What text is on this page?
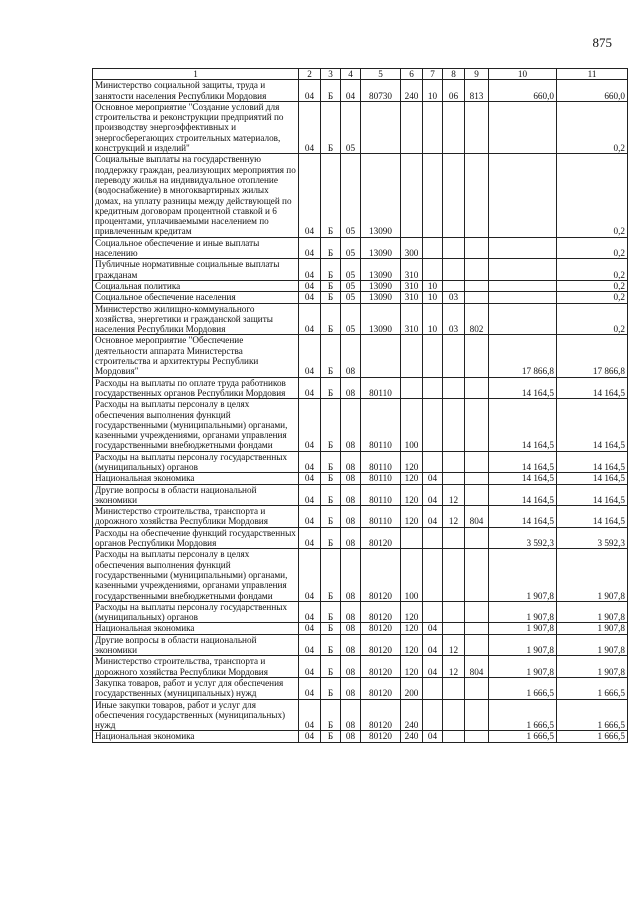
875
1	2	3	4	5	6	7	8	9	10	11
Министерство социальной защиты, труда и занятости населения Республики Мордовия	04	Б	04	80730	240	10	06	813	660,0	660,0
Основное мероприятие "Создание условий для строительства и реконструкции предприятий по производству энергоэффективных и энергосберегающих строительных материалов, конструкций и изделий"	04	Б	05							0,2
Социальные выплаты на государственную поддержку граждан, реализующих мероприятия по переводу жилья на индивидуальное отопление (водоснабжение) в многоквартирных жилых домах, на уплату разницы между действующей по кредитным договорам процентной ставкой и 6 процентами, уплачиваемыми населением по привлеченным кредитам	04	Б	05	13090						0,2
Социальное обеспечение и иные выплаты населению	04	Б	05	13090	300					0,2
Публичные нормативные социальные выплаты гражданам	04	Б	05	13090	310					0,2
Социальная политика	04	Б	05	13090	310	10				0,2
Социальное обеспечение населения	04	Б	05	13090	310	10	03			0,2
Министерство жилищно-коммунального хозяйства, энергетики и гражданской защиты населения Республики Мордовия	04	Б	05	13090	310	10	03	802		0,2
Основное мероприятие "Обеспечение деятельности аппарата Министерства строительства и архитектуры Республики Мордовия"	04	Б	08						17 866,8	17 866,8
Расходы на выплаты по оплате труда работников государственных органов Республики Мордовия	04	Б	08	80110					14 164,5	14 164,5
Расходы на выплаты персоналу в целях обеспечения выполнения функций государственными (муниципальными) органами, казенными учреждениями, органами управления государственными внебюджетными фондами	04	Б	08	80110	100				14 164,5	14 164,5
Расходы на выплаты персоналу государственных (муниципальных) органов	04	Б	08	80110	120				14 164,5	14 164,5
Национальная экономика	04	Б	08	80110	120	04			14 164,5	14 164,5
Другие вопросы в области национальной экономики	04	Б	08	80110	120	04	12		14 164,5	14 164,5
Министерство строительства, транспорта и дорожного хозяйства Республики Мордовия	04	Б	08	80110	120	04	12	804	14 164,5	14 164,5
Расходы на обеспечение функций государственных органов Республики Мордовия	04	Б	08	80120					3 592,3	3 592,3
Расходы на выплаты персоналу в целях обеспечения выполнения функций государственными (муниципальными) органами, казенными учреждениями, органами управления государственными внебюджетными фондами	04	Б	08	80120	100				1 907,8	1 907,8
Расходы на выплаты персоналу государственных (муниципальных) органов	04	Б	08	80120	120				1 907,8	1 907,8
Национальная экономика	04	Б	08	80120	120	04			1 907,8	1 907,8
Другие вопросы в области национальной экономики	04	Б	08	80120	120	04	12		1 907,8	1 907,8
Министерство строительства, транспорта и дорожного хозяйства Республики Мордовия	04	Б	08	80120	120	04	12	804	1 907,8	1 907,8
Закупка товаров, работ и услуг для обеспечения государственных (муниципальных) нужд	04	Б	08	80120	200				1 666,5	1 666,5
Иные закупки товаров, работ и услуг для обеспечения государственных (муниципальных) нужд	04	Б	08	80120	240				1 666,5	1 666,5
Национальная экономика	04	Б	08	80120	240	04			1 666,5	1 666,5
